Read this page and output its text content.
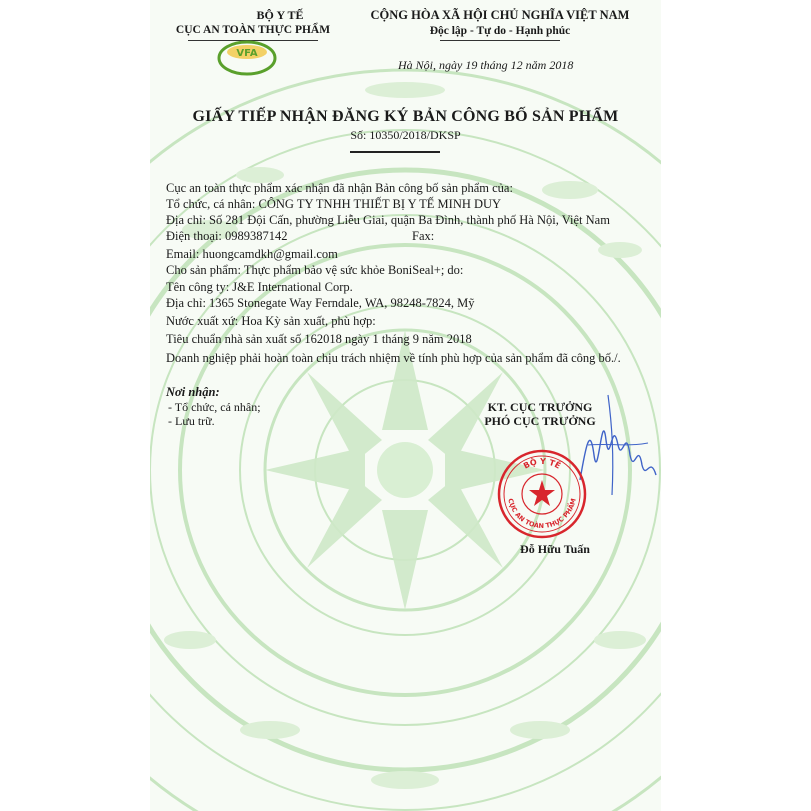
BỘ Y TẾ
CỤC AN TOÀN THỰC PHẨM
VFA
CỘNG HÒA XÃ HỘI CHỦ NGHĨA VIỆT NAM
Độc lập - Tự do - Hạnh phúc
Hà Nội, ngày 19 tháng 12 năm 2018
GIẤY TIẾP NHẬN ĐĂNG KÝ BẢN CÔNG BỐ SẢN PHẨM
Số: 10350/2018/DKSP
Cục an toàn thực phẩm xác nhận đã nhận Bản công bố sản phẩm của:
Tổ chức, cá nhân: CÔNG TY TNHH THIẾT BỊ Y TẾ MINH DUY
Địa chỉ: Số 281 Đội Cấn, phường Liễu Giai, quận Ba Đình, thành phố Hà Nội, Việt Nam
Điện thoại: 0989387142	Fax:
Email: huongcamdkh@gmail.com
Cho sản phẩm: Thực phẩm bảo vệ sức khỏe BoniSeal+; do:
Tên công ty: J&E International Corp.
Địa chỉ: 1365 Stonegate Way Ferndale, WA, 98248-7824, Mỹ
Nước xuất xứ: Hoa Kỳ sản xuất, phù hợp:
Tiêu chuẩn nhà sản xuất số 162018 ngày 1 tháng 9 năm 2018
Doanh nghiệp phải hoàn toàn chịu trách nhiệm về tính phù hợp của sản phẩm đã công bố./.
Nơi nhận:
- Tổ chức, cá nhân;
- Lưu trữ.
KT. CỤC TRƯỞNG
PHÓ CỤC TRƯỞNG
BỘ Y TẾ
CỤC AN TOÀN THỰC PHẨM
Đỗ Hữu Tuấn
